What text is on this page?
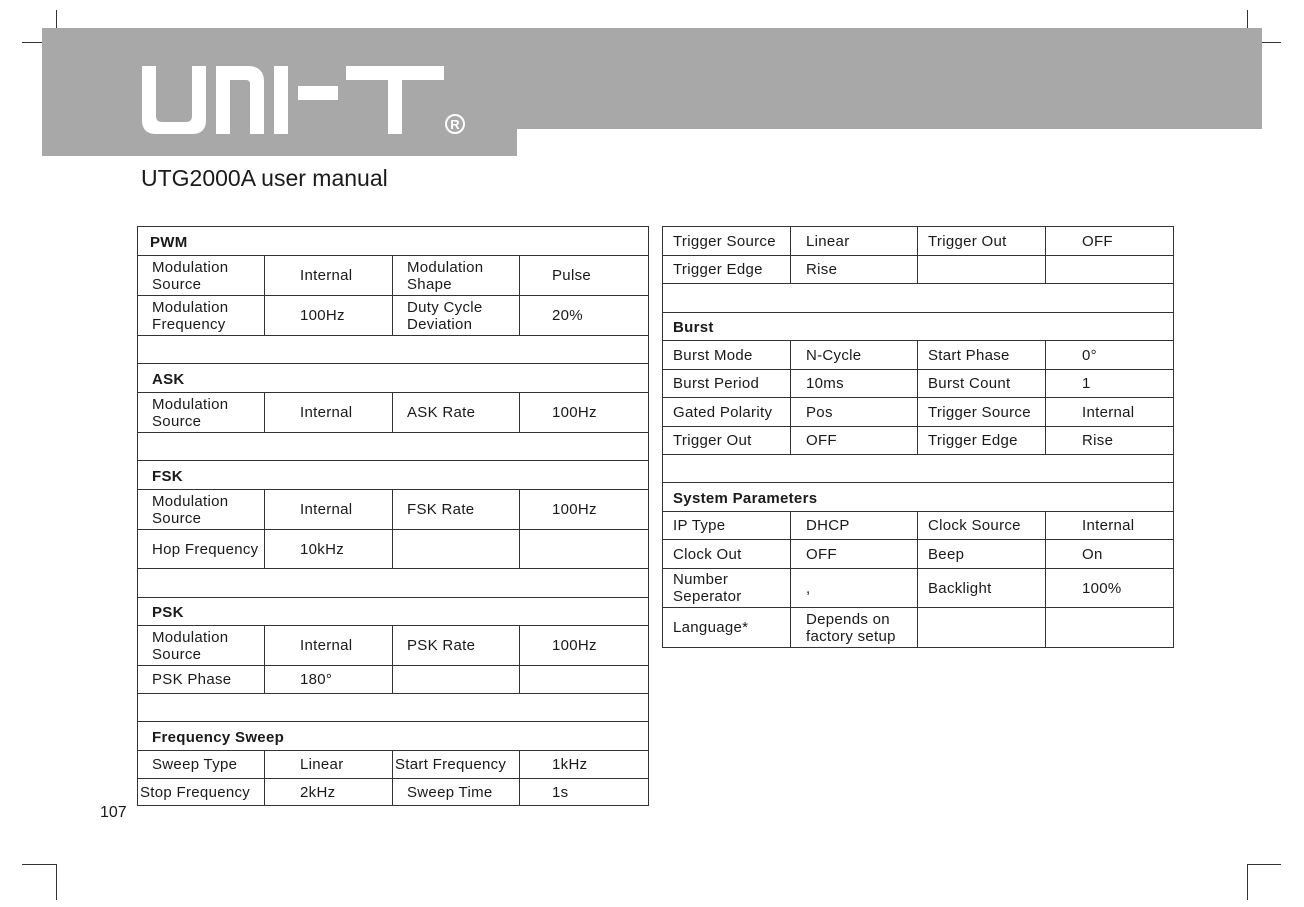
R
UTG2000A user manual
PWM			
Modulation Source	Internal	Modulation Shape	Pulse
Modulation Frequency	100Hz	Duty Cycle Deviation	20%

ASK			
Modulation Source	Internal	ASK Rate	100Hz

FSK			
Modulation Source	Internal	FSK Rate	100Hz
Hop Frequency	10kHz		

PSK			
Modulation Source	Internal	PSK Rate	100Hz
PSK Phase	180°		

Frequency Sweep			
Sweep Type	Linear	Start Frequency	1kHz
Stop Frequency	2kHz	Sweep Time	1s
Trigger Source	Linear	Trigger Out	OFF
Trigger Edge	Rise		

Burst			
Burst Mode	N-Cycle	Start Phase	0°
Burst Period	10ms	Burst Count	1
Gated Polarity	Pos	Trigger Source	Internal
Trigger Out	OFF	Trigger Edge	Rise

System Parameters			
IP Type	DHCP	Clock Source	Internal
Clock Out	OFF	Beep	On
Number Seperator	,	Backlight	100%
Language*	Depends on factory setup		
107
